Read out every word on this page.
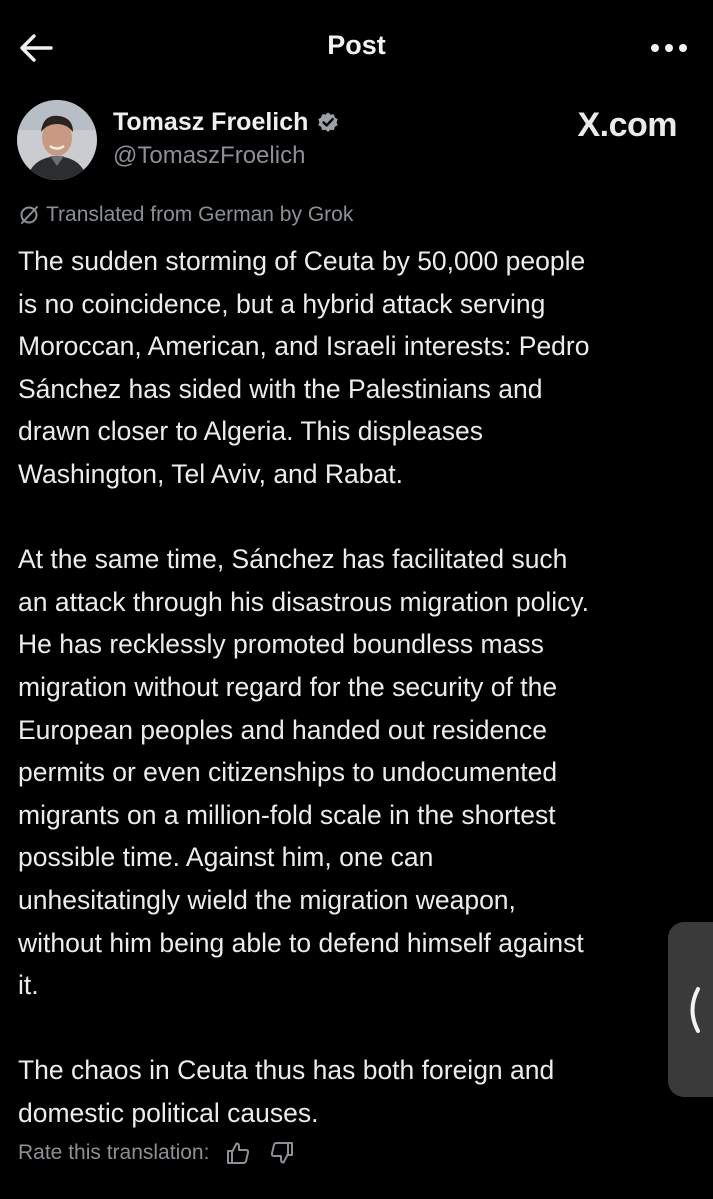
Post
Tomasz Froelich
@TomaszFroelich
X.com
Translated from German by Grok

The sudden storming of Ceuta by 50,000 people
is no coincidence, but a hybrid attack serving
Moroccan, American, and Israeli interests: Pedro
Sánchez has sided with the Palestinians and
drawn closer to Algeria. This displeases
Washington, Tel Aviv, and Rabat.

At the same time, Sánchez has facilitated such
an attack through his disastrous migration policy.
He has recklessly promoted boundless mass
migration without regard for the security of the
European peoples and handed out residence
permits or even citizenships to undocumented
migrants on a million-fold scale in the shortest
possible time. Against him, one can
unhesitatingly wield the migration weapon,
without him being able to defend himself against
it.

The chaos in Ceuta thus has both foreign and
domestic political causes.

Rate this translation:
